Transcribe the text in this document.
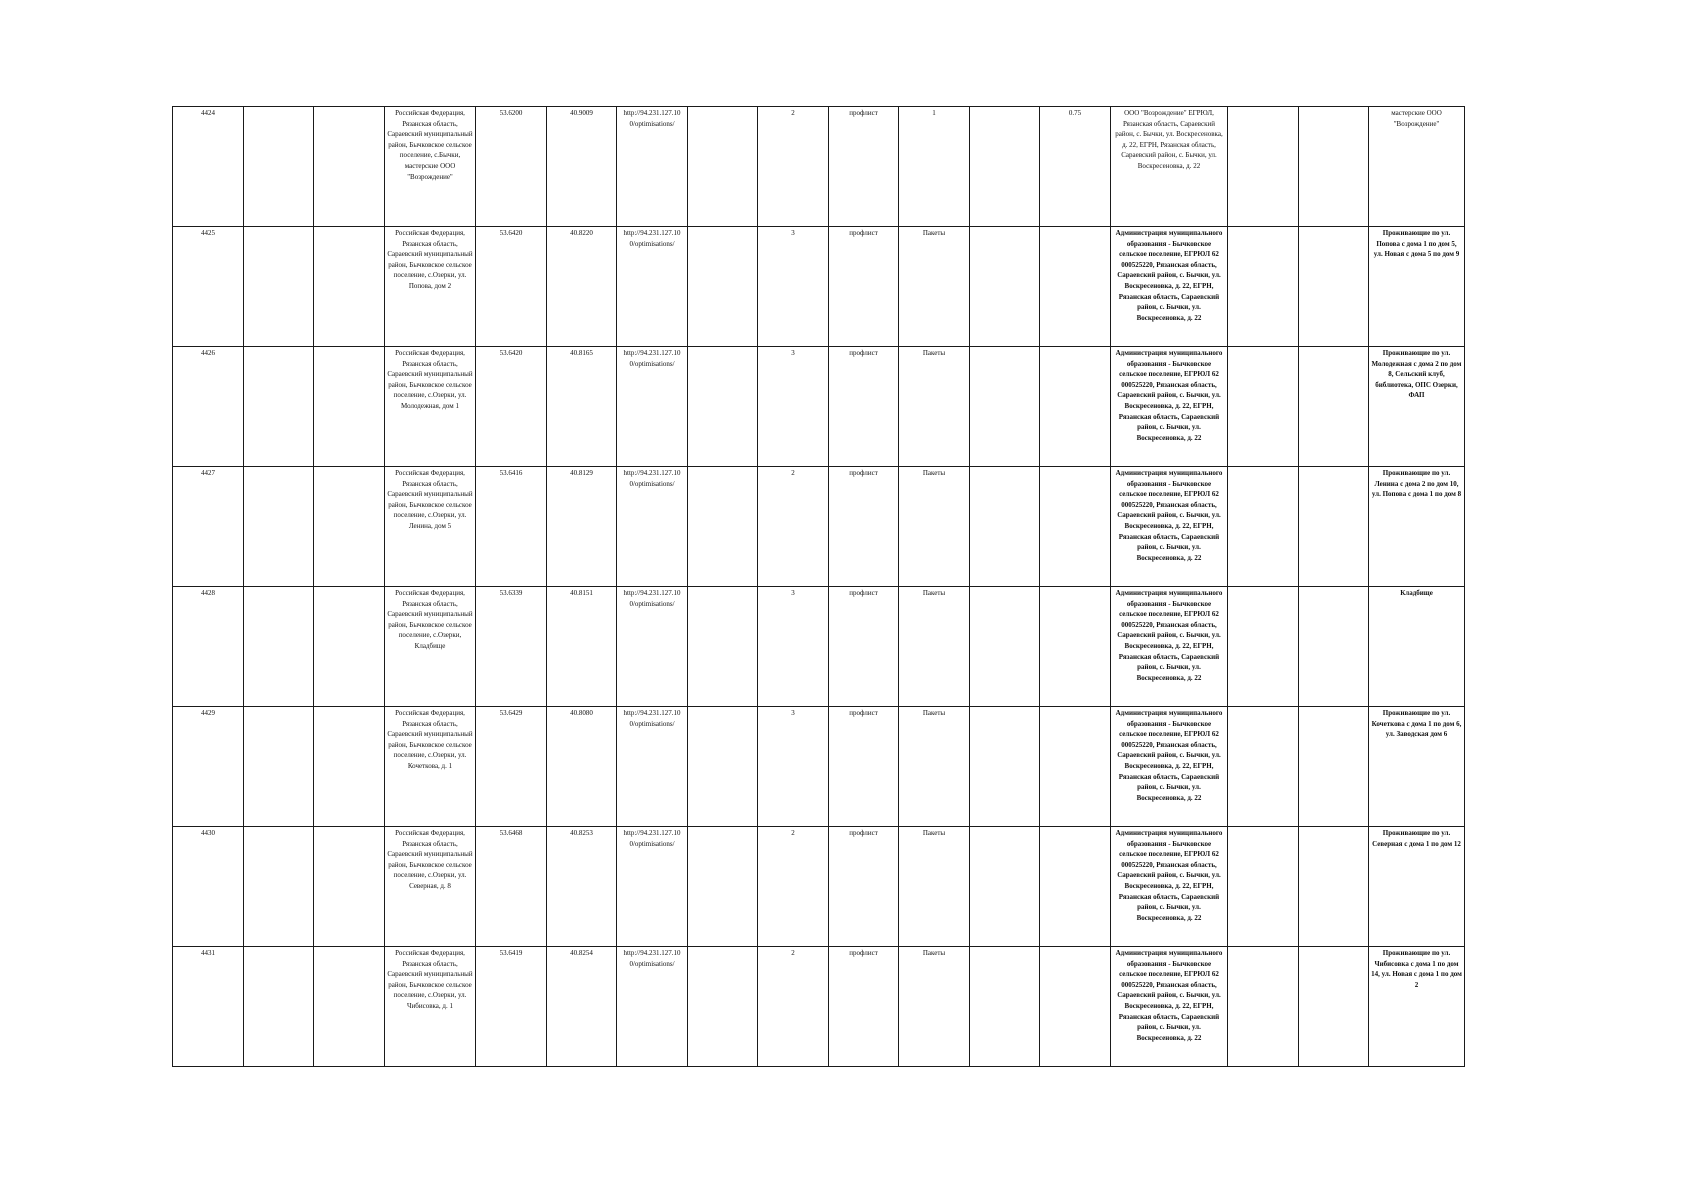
4424			Российская Федерация, Рязанская область, Сараевский муниципальный район, Бычковское сельское поселение, с.Бычки, мастерские ООО "Возрождение"	53.6200	40.9009	http://94.231.127.10 0/optimisations/		2	профлист	1		0.75	ООО "Возрождение" ЕГРЮЛ, Рязанская область, Сараевский район, с. Бычки, ул. Воскресеновка, д. 22, ЕГРН, Рязанская область, Сараевский район, с. Бычки, ул. Воскресеновка, д. 22			мастерские ООО "Возрождение"
4425			Российская Федерация, Рязанская область, Сараевский муниципальный район, Бычковское сельское поселение, с.Озерки, ул. Попова, дом 2	53.6420	40.8220	http://94.231.127.10 0/optimisations/		3	профлист	Пакеты			Администрация муниципального образования - Бычковское сельское поселение, ЕГРЮЛ 62 000525220, Рязанская область, Сараевский район, с. Бычки, ул. Воскресеновка, д. 22, ЕГРН, Рязанская область, Сараевский район, с. Бычки, ул. Воскресеновка, д. 22			Проживающие по ул. Попова с дома 1 по дом 5, ул. Новая с дома 5 по дом 9
4426			Российская Федерация, Рязанская область, Сараевский муниципальный район, Бычковское сельское поселение, с.Озерки, ул. Молодежная, дом 1	53.6420	40.8165	http://94.231.127.10 0/optimisations/		3	профлист	Пакеты			Администрация муниципального образования - Бычковское сельское поселение, ЕГРЮЛ 62 000525220, Рязанская область, Сараевский район, с. Бычки, ул. Воскресеновка, д. 22, ЕГРН, Рязанская область, Сараевский район, с. Бычки, ул. Воскресеновка, д. 22			Проживающие по ул. Молодежная с дома 2 по дом 8, Сельский клуб, библиотека, ОПС Озерки, ФАП
4427			Российская Федерация, Рязанская область, Сараевский муниципальный район, Бычковское сельское поселение, с.Озерки, ул. Ленина, дом 5	53.6416	40.8129	http://94.231.127.10 0/optimisations/		2	профлист	Пакеты			Администрация муниципального образования - Бычковское сельское поселение, ЕГРЮЛ 62 000525220, Рязанская область, Сараевский район, с. Бычки, ул. Воскресеновка, д. 22, ЕГРН, Рязанская область, Сараевский район, с. Бычки, ул. Воскресеновка, д. 22			Проживающие по ул. Ленина с дома 2 по дом 10, ул. Попова с дома 1 по дом 8
4428			Российская Федерация, Рязанская область, Сараевский муниципальный район, Бычковское сельское поселение, с.Озерки, Кладбище	53.6339	40.8151	http://94.231.127.10 0/optimisations/		3	профлист	Пакеты			Администрация муниципального образования - Бычковское сельское поселение, ЕГРЮЛ 62 000525220, Рязанская область, Сараевский район, с. Бычки, ул. Воскресеновка, д. 22, ЕГРН, Рязанская область, Сараевский район, с. Бычки, ул. Воскресеновка, д. 22			Кладбище
4429			Российская Федерация, Рязанская область, Сараевский муниципальный район, Бычковское сельское поселение, с.Озерки, ул. Кочеткова, д. 1	53.6429	40.8080	http://94.231.127.10 0/optimisations/		3	профлист	Пакеты			Администрация муниципального образования - Бычковское сельское поселение, ЕГРЮЛ 62 000525220, Рязанская область, Сараевский район, с. Бычки, ул. Воскресеновка, д. 22, ЕГРН, Рязанская область, Сараевский район, с. Бычки, ул. Воскресеновка, д. 22			Проживающие по ул. Кочеткова с дома 1 по дом 6, ул. Заводская дом 6
4430			Российская Федерация, Рязанская область, Сараевский муниципальный район, Бычковское сельское поселение, с.Озерки, ул. Северная, д. 8	53.6468	40.8253	http://94.231.127.10 0/optimisations/		2	профлист	Пакеты			Администрация муниципального образования - Бычковское сельское поселение, ЕГРЮЛ 62 000525220, Рязанская область, Сараевский район, с. Бычки, ул. Воскресеновка, д. 22, ЕГРН, Рязанская область, Сараевский район, с. Бычки, ул. Воскресеновка, д. 22			Проживающие по ул. Северная с дома 1 по дом 12
4431			Российская Федерация, Рязанская область, Сараевский муниципальный район, Бычковское сельское поселение, с.Озерки, ул. Чибисовка, д. 1	53.6419	40.8254	http://94.231.127.10 0/optimisations/		2	профлист	Пакеты			Администрация муниципального образования - Бычковское сельское поселение, ЕГРЮЛ 62 000525220, Рязанская область, Сараевский район, с. Бычки, ул. Воскресеновка, д. 22, ЕГРН, Рязанская область, Сараевский район, с. Бычки, ул. Воскресеновка, д. 22			Проживающие по ул. Чибисовка с дома 1 по дом 14, ул. Новая с дома 1 по дом 2
